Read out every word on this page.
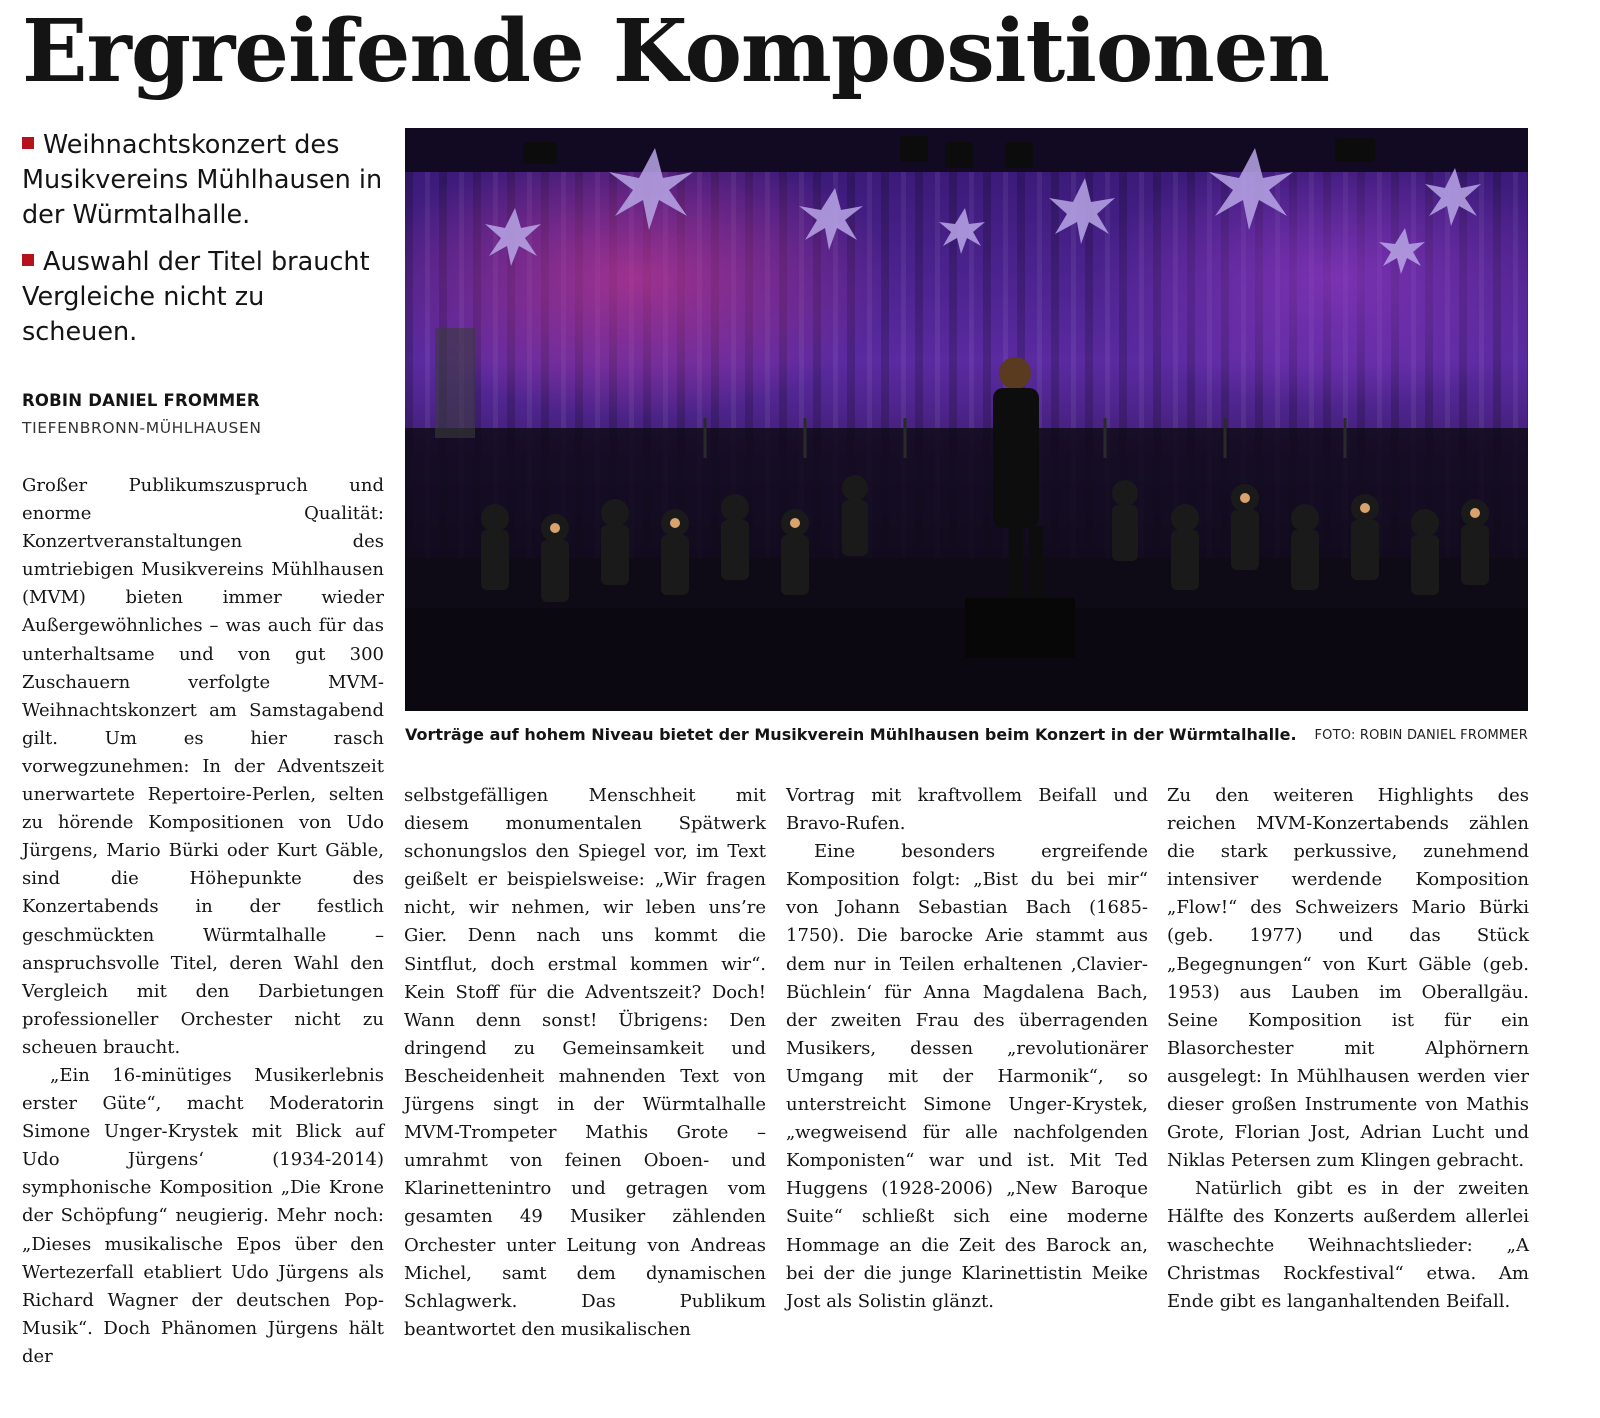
Ergreifende Kompositionen

Weihnachtskonzert des Musikvereins Mühlhausen in der Würmtalhalle.

Auswahl der Titel braucht Vergleiche nicht zu scheuen.

ROBIN DANIEL FROMMER
TIEFENBRONN-MÜHLHAUSEN

Großer Publikumszuspruch und enorme Qualität: Konzertveranstaltungen des umtriebigen Musikvereins Mühlhausen (MVM) bieten immer wieder Außergewöhnliches – was auch für das unterhaltsame und von gut 300 Zuschauern verfolgte MVM-Weihnachtskonzert am Samstagabend gilt. Um es hier rasch vorwegzunehmen: In der Adventszeit unerwartete Repertoire-Perlen, selten zu hörende Kompositionen von Udo Jürgens, Mario Bürki oder Kurt Gäble, sind die Höhepunkte des Konzertabends in der festlich geschmückten Würmtalhalle – anspruchsvolle Titel, deren Wahl den Vergleich mit den Darbietungen professioneller Orchester nicht zu scheuen braucht.

„Ein 16-minütiges Musikerlebnis erster Güte“, macht Moderatorin Simone Unger-Krystek mit Blick auf Udo Jürgens‘ (1934-2014) symphonische Komposition „Die Krone der Schöpfung“ neugierig. Mehr noch: „Dieses musikalische Epos über den Wertezerfall etabliert Udo Jürgens als Richard Wagner der deutschen Pop-Musik“. Doch Phänomen Jürgens hält der

Vorträge auf hohem Niveau bietet der Musikverein Mühlhausen beim Konzert in der Würmtalhalle. FOTO: ROBIN DANIEL FROMMER

selbstgefälligen Menschheit mit diesem monumentalen Spätwerk schonungslos den Spiegel vor, im Text geißelt er beispielsweise: „Wir fragen nicht, wir nehmen, wir leben uns’re Gier. Denn nach uns kommt die Sintflut, doch erstmal kommen wir“. Kein Stoff für die Adventszeit? Doch! Wann denn sonst! Übrigens: Den dringend zu Gemeinsamkeit und Bescheidenheit mahnenden Text von Jürgens singt in der Würmtalhalle MVM-Trompeter Mathis Grote – umrahmt von feinen Oboen- und Klarinettenintro und getragen vom gesamten 49 Musiker zählenden Orchester unter Leitung von Andreas Michel, samt dem dynamischen Schlagwerk. Das Publikum beantwortet den musikalischen

Vortrag mit kraftvollem Beifall und Bravo-Rufen.

Eine besonders ergreifende Komposition folgt: „Bist du bei mir“ von Johann Sebastian Bach (1685-1750). Die barocke Arie stammt aus dem nur in Teilen erhaltenen ‚Clavier-Büchlein‘ für Anna Magdalena Bach, der zweiten Frau des überragenden Musikers, dessen „revolutionärer Umgang mit der Harmonik“, so unterstreicht Simone Unger-Krystek, „wegweisend für alle nachfolgenden Komponisten“ war und ist. Mit Ted Huggens (1928-2006) „New Baroque Suite“ schließt sich eine moderne Hommage an die Zeit des Barock an, bei der die junge Klarinettistin Meike Jost als Solistin glänzt.

Zu den weiteren Highlights des reichen MVM-Konzertabends zählen die stark perkussive, zunehmend intensiver werdende Komposition „Flow!“ des Schweizers Mario Bürki (geb. 1977) und das Stück „Begegnungen“ von Kurt Gäble (geb. 1953) aus Lauben im Oberallgäu. Seine Komposition ist für ein Blasorchester mit Alphörnern ausgelegt: In Mühlhausen werden vier dieser großen Instrumente von Mathis Grote, Florian Jost, Adrian Lucht und Niklas Petersen zum Klingen gebracht.

Natürlich gibt es in der zweiten Hälfte des Konzerts außerdem allerlei waschechte Weihnachtslieder: „A Christmas Rockfestival“ etwa. Am Ende gibt es langanhaltenden Beifall.
